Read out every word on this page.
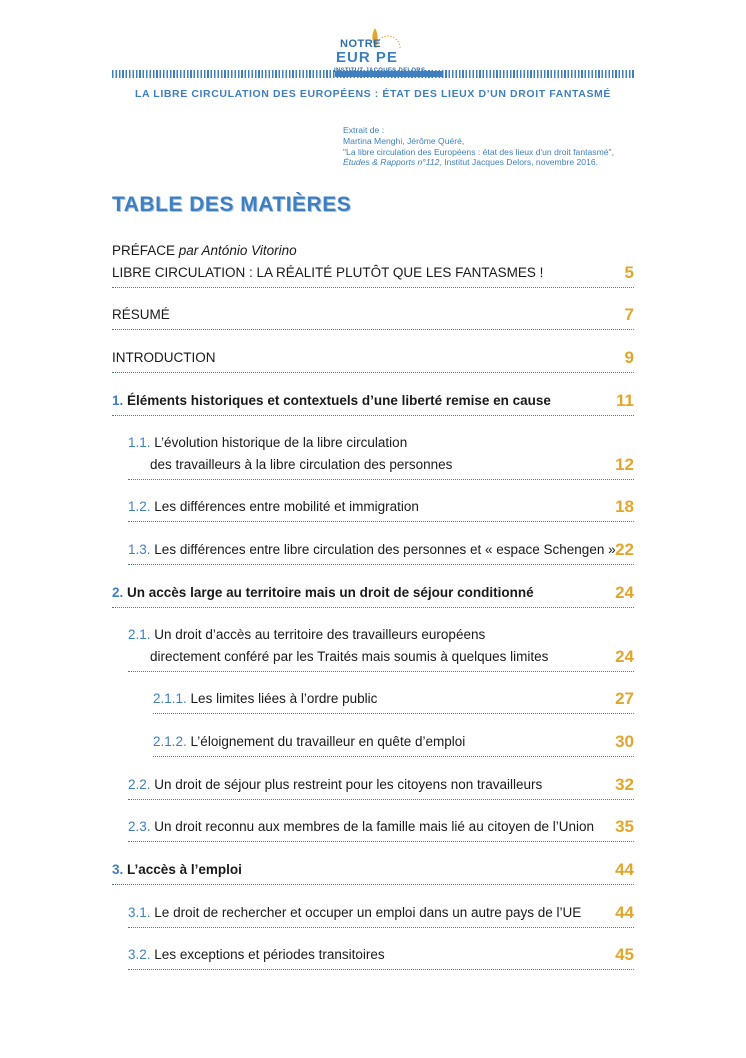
NOTRE
EUR PE
LA LIBRE CIRCULATION DES EUROPÉENS : ÉTAT DES LIEUX D’UN DROIT FANTASMÉ
Extrait de :
Martina Menghi, Jérôme Quéré,
"La libre circulation des Européens : état des lieux d'un droit fantasmé",
Études & Rapports n°112, Institut Jacques Delors, novembre 2016.
TABLE DES MATIÈRES
PRÉFACE par António Vitorino
LIBRE CIRCULATION : LA RÉALITÉ PLUTÔT QUE LES FANTASMES !	5
RÉSUMÉ	7
INTRODUCTION	9
1. Éléments historiques et contextuels d’une liberté remise en cause	11
1.1. L’évolution historique de la libre circulation
des travailleurs à la libre circulation des personnes	12
1.2. Les différences entre mobilité et immigration	18
1.3. Les différences entre libre circulation des personnes et « espace Schengen » 22
2. Un accès large au territoire mais un droit de séjour conditionné	24
2.1. Un droit d’accès au territoire des travailleurs européens
directement conféré par les Traités mais soumis à quelques limites	24
2.1.1. Les limites liées à l’ordre public	27
2.1.2. L’éloignement du travailleur en quête d’emploi	30
2.2. Un droit de séjour plus restreint pour les citoyens non travailleurs	32
2.3. Un droit reconnu aux membres de la famille mais lié au citoyen de l’Union	35
3. L’accès à l’emploi	44
3.1. Le droit de rechercher et occuper un emploi dans un autre pays de l’UE	44
3.2. Les exceptions et périodes transitoires	45
